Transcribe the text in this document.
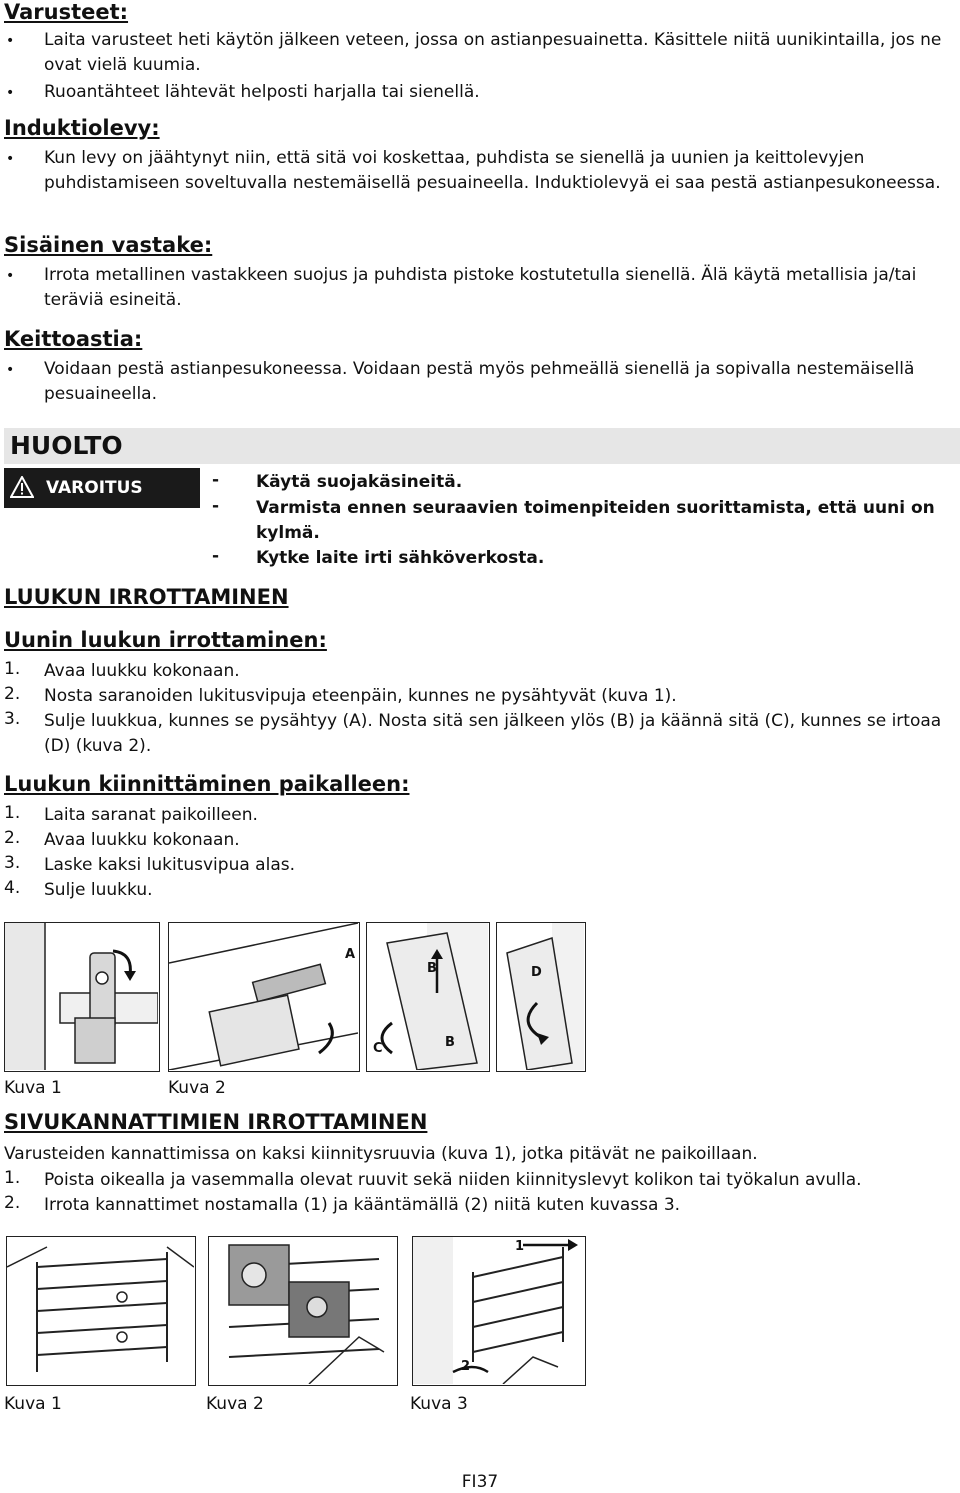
Varusteet:
• Laita varusteet heti käytön jälkeen veteen, jossa on astianpesuainetta. Käsittele niitä uunikintailla, jos ne ovat vielä kuumia.
• Ruoantähteet lähtevät helposti harjalla tai sienellä.
Induktiolevy:
• Kun levy on jäähtynyt niin, että sitä voi koskettaa, puhdista se sienellä ja uunien ja keittolevyjen puhdistamiseen soveltuvalla nestemäisellä pesuaineella. Induktiolevyä ei saa pestä astianpesukoneessa.
Sisäinen vastake:
• Irrota metallinen vastakkeen suojus ja puhdista pistoke kostutetulla sienellä. Älä käytä metallisia ja/tai teräviä esineitä.
Keittoastia:
• Voidaan pestä astianpesukoneessa. Voidaan pestä myös pehmeällä sienellä ja sopivalla nestemäisellä pesuaineella.
HUOLTO
VAROITUS	- Käytä suojakäsineitä.
- Varmista ennen seuraavien toimenpiteiden suorittamista, että uuni on kylmä.
- Kytke laite irti sähköverkosta.
LUUKUN IRROTTAMINEN
Uunin luukun irrottaminen:
1. Avaa luukku kokonaan.
2. Nosta saranoiden lukitusvipuja eteenpäin, kunnes ne pysähtyvät (kuva 1).
3. Sulje luukkua, kunnes se pysähtyy (A). Nosta sitä sen jälkeen ylös (B) ja käännä sitä (C), kunnes se irtoaa (D) (kuva 2).
Luukun kiinnittäminen paikalleen:
1. Laita saranat paikoilleen.
2. Avaa luukku kokonaan.
3. Laske kaksi lukitusvipua alas.
4. Sulje luukku.
A
B
C	B
D
Kuva 1	Kuva 2
SIVUKANNATTIMIEN IRROTTAMINEN
Varusteiden kannattimissa on kaksi kiinnitysruuvia (kuva 1), jotka pitävät ne paikoillaan.
1. Poista oikealla ja vasemmalla olevat ruuvit sekä niiden kiinnityslevyt kolikon tai työkalun avulla.
2. Irrota kannattimet nostamalla (1) ja kääntämällä (2) niitä kuten kuvassa 3.
1
2
Kuva 1	Kuva 2	Kuva 3
FI37
